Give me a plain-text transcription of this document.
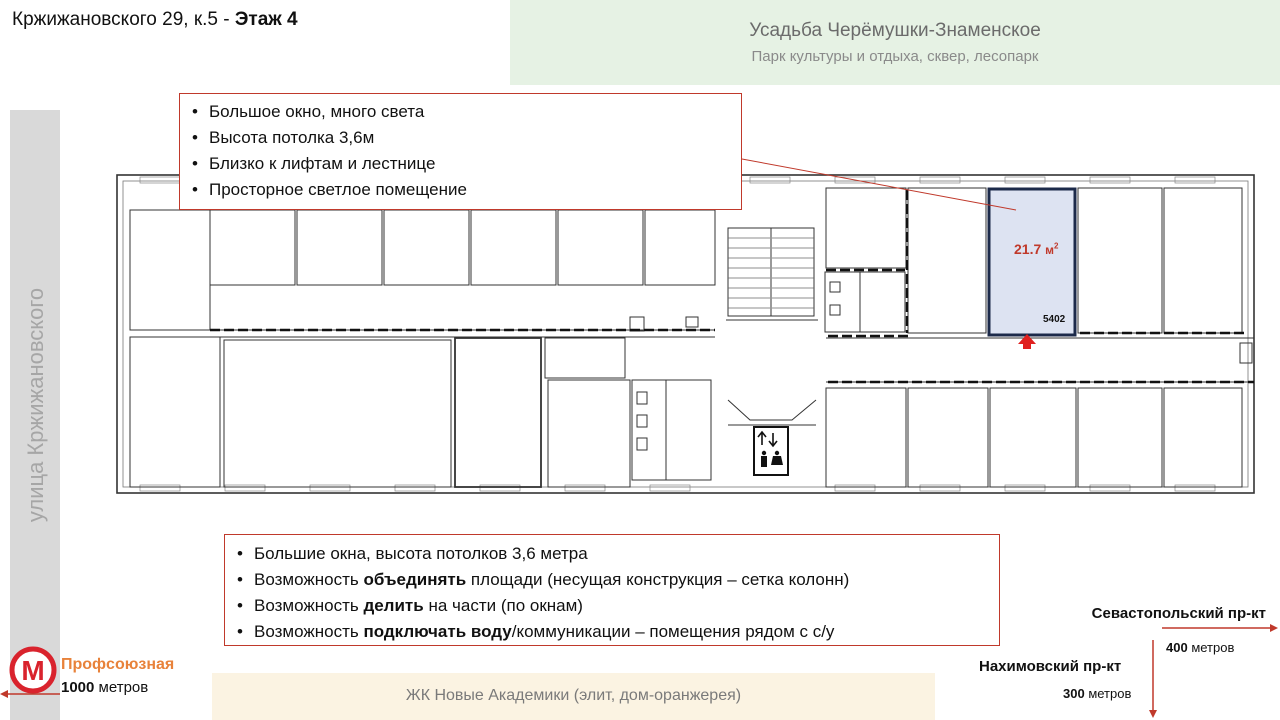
Кржижановского 29, к.5 - Этаж 4
Усадьба Черёмушки-Знаменское
Парк культуры и отдыха, сквер, лесопарк
улица Кржижановского
21.7 $м^2$
5402
• Большое окно, много света
• Высота потолка 3,6м
• Близко к лифтам и лестнице
• Просторное светлое помещение
• Большие окна, высота потолков 3,6 метра
• Возможность объединять площади (несущая конструкция – сетка колонн)
• Возможность делить на части (по окнам)
• Возможность подключать воду/коммуникации – помещения рядом с с/у
М Профсоюзная
1000 метров	ЖК Новые Академики (элит, дом-оранжерея)
Севастопольский пр-кт
400 метров
Нахимовский пр-кт
300 метров
